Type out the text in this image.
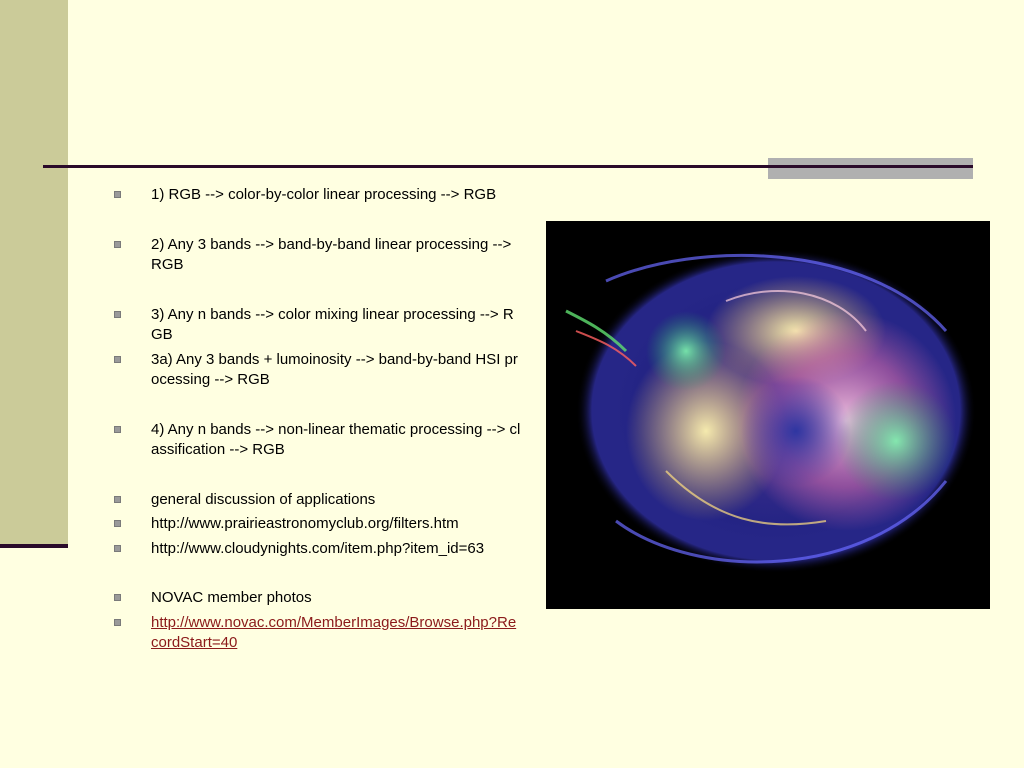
1) RGB --> color-by-color linear processing --> RGB
2) Any 3 bands --> band-by-band linear processing --> RGB
3) Any n bands --> color mixing linear processing --> RGB
3a) Any 3 bands + lumoinosity --> band-by-band HSI processing --> RGB
4) Any n bands --> non-linear thematic processing --> classification --> RGB
general discussion of applications
http://www.prairieastronomyclub.org/filters.htm
http://www.cloudynights.com/item.php?item_id=63
NOVAC member photos
http://www.novac.com/MemberImages/Browse.php?RecordStart=40
